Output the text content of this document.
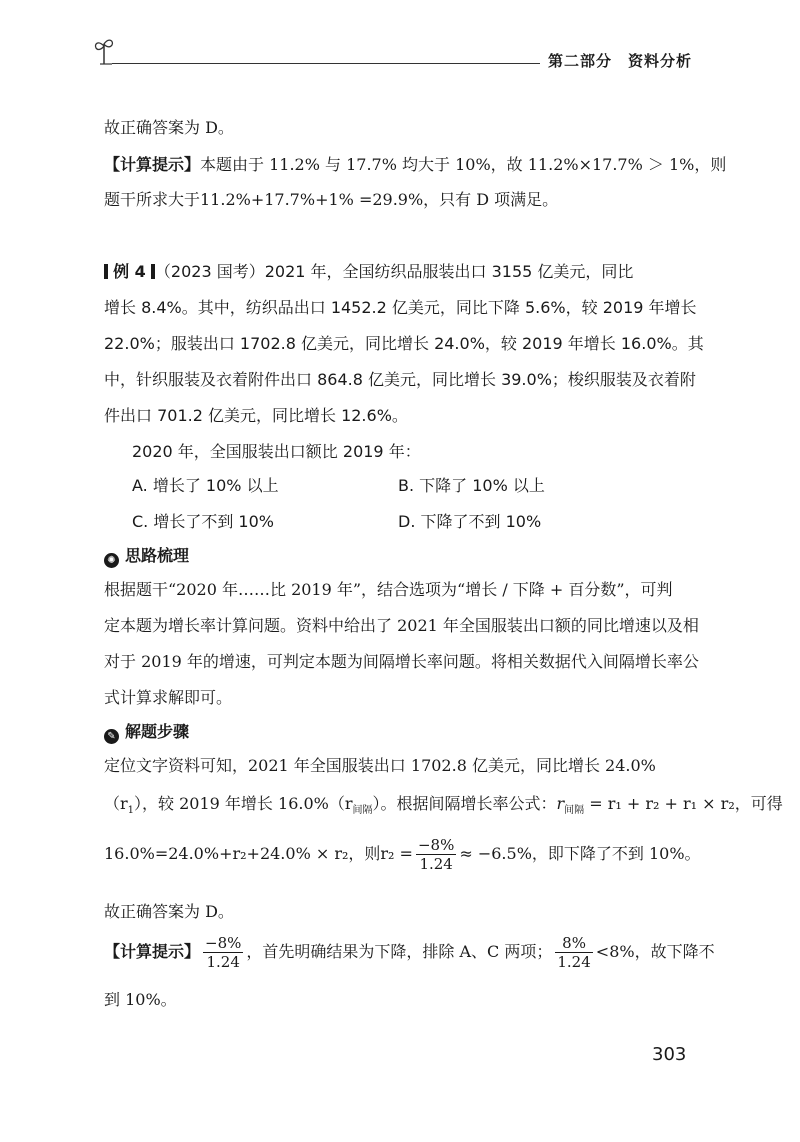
第二部分　资料分析
故正确答案为 D。
【计算提示】本题由于 11.2% 与 17.7% 均大于 10%，故 11.2%×17.7% ＞ 1%，则
题干所求大于11.2%+17.7%+1% =29.9%，只有 D 项满足。
例 4 （2023 国考）2021 年，全国纺织品服装出口 3155 亿美元，同比
增长 8.4%。其中，纺织品出口 1452.2 亿美元，同比下降 5.6%，较 2019 年增长
22.0%；服装出口 1702.8 亿美元，同比增长 24.0%，较 2019 年增长 16.0%。其
中，针织服装及衣着附件出口 864.8 亿美元，同比增长 39.0%；梭织服装及衣着附
件出口 701.2 亿美元，同比增长 12.6%。
2020 年，全国服装出口额比 2019 年：
A. 增长了 10% 以上	B. 下降了 10% 以上
C. 增长了不到 10%	D. 下降了不到 10%
✺ 思路梳理
根据题干“2020 年……比 2019 年”，结合选项为“增长 / 下降 + 百分数”，可判
定本题为增长率计算问题。资料中给出了 2021 年全国服装出口额的同比增速以及相
对于 2019 年的增速，可判定本题为间隔增长率问题。将相关数据代入间隔增长率公
式计算求解即可。
✎ 解题步骤
定位文字资料可知，2021 年全国服装出口 1702.8 亿美元，同比增长 24.0%
$(r_1)$，较 2019 年增长 $16.0\%(r_{间隔})$。根据间隔增长率公式：$r_{间隔} = r_1 + r_2 + r_1 \times r_2$，可得
16.0%=24.0%+r₂+24.0% × r₂，则$r_2 = \frac{-8\%}{1.24} \approx -6.5\%$，即下降了不到 10%。
故正确答案为 D。
【计算提示】 $\frac{-8\%}{1.24}$ ，首先明确结果为下降，排除 A、C 两项； $\frac{8\%}{1.24} <8\%$，故下降不
到 10%。
303
